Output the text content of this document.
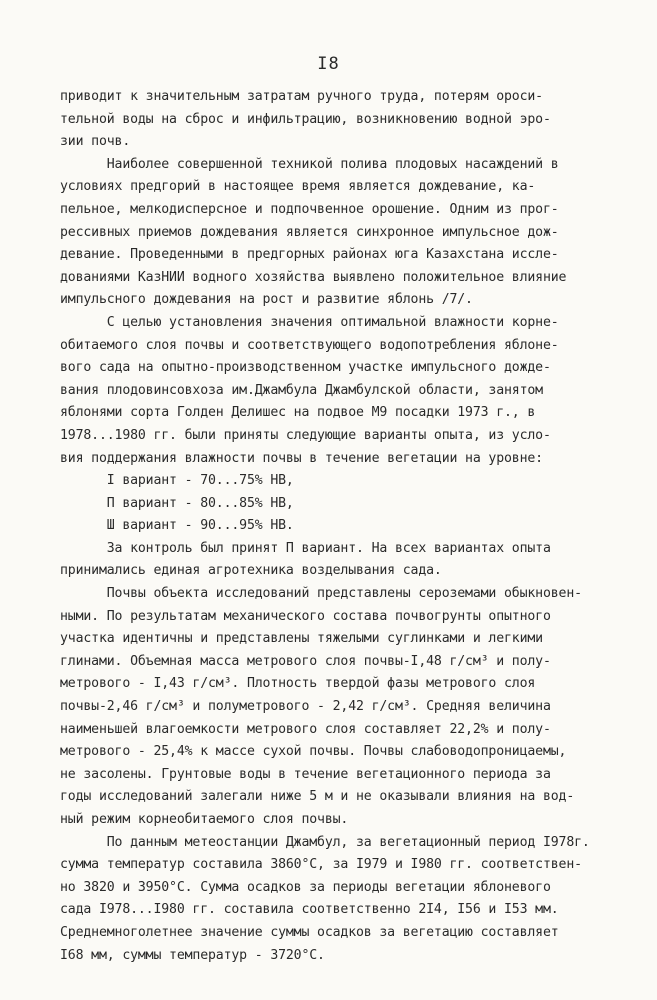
I8
приводит к значительным затратам ручного труда, потерям ороси-
тельной воды на сброс и инфильтрацию, возникновению водной эро-
зии почв.
Наиболее совершенной техникой полива плодовых насаждений в
условиях предгорий в настоящее время является дождевание, ка-
пельное, мелкодисперсное и подпочвенное орошение. Одним из прог-
рессивных приемов дождевания является синхронное импульсное дож-
девание. Проведенными в предгорных районах юга Казахстана иссле-
дованиями КазНИИ водного хозяйства выявлено положительное влияние
импульсного дождевания на рост и развитие яблонь /7/.
С целью установления значения оптимальной влажности корне-
обитаемого слоя почвы и соответствующего водопотребления яблоне-
вого сада на опытно-производственном участке импульсного дожде-
вания плодовинсовхоза им.Джамбула Джамбулской области, занятом
яблонями сорта Голден Делишес на подвое М9 посадки 1973 г., в
1978...1980 гг. были приняты следующие варианты опыта, из усло-
вия поддержания влажности почвы в течение вегетации на уровне:
I вариант - 70...75% НВ,
П вариант - 80...85% НВ,
Ш вариант - 90...95% НВ.
За контроль был принят П вариант. На всех вариантах опыта
принимались единая агротехника возделывания сада.
Почвы объекта исследований представлены сероземами обыкновен-
ными. По результатам механического состава почвогрунты опытного
участка идентичны и представлены тяжелыми суглинками и легкими
глинами. Объемная масса метрового слоя почвы-I,48 г/см³ и полу-
метрового - I,43 г/см³. Плотность твердой фазы метрового слоя
почвы-2,46 г/см³ и полуметрового - 2,42 г/см³. Средняя величина
наименьшей влагоемкости метрового слоя составляет 22,2% и полу-
метрового - 25,4% к массе сухой почвы. Почвы слабоводопроницаемы,
не засолены. Грунтовые воды в течение вегетационного периода за
годы исследований залегали ниже 5 м и не оказывали влияния на вод-
ный режим корнеобитаемого слоя почвы.
По данным метеостанции Джамбул, за вегетационный период I978г.
сумма температур составила 3860°С, за I979 и I980 гг. соответствен-
но 3820 и 3950°С. Сумма осадков за периоды вегетации яблоневого
сада I978...I980 гг. составила соответственно 2I4, I56 и I53 мм.
Среднемноголетнее значение суммы осадков за вегетацию составляет
I68 мм, суммы температур - 3720°С.
